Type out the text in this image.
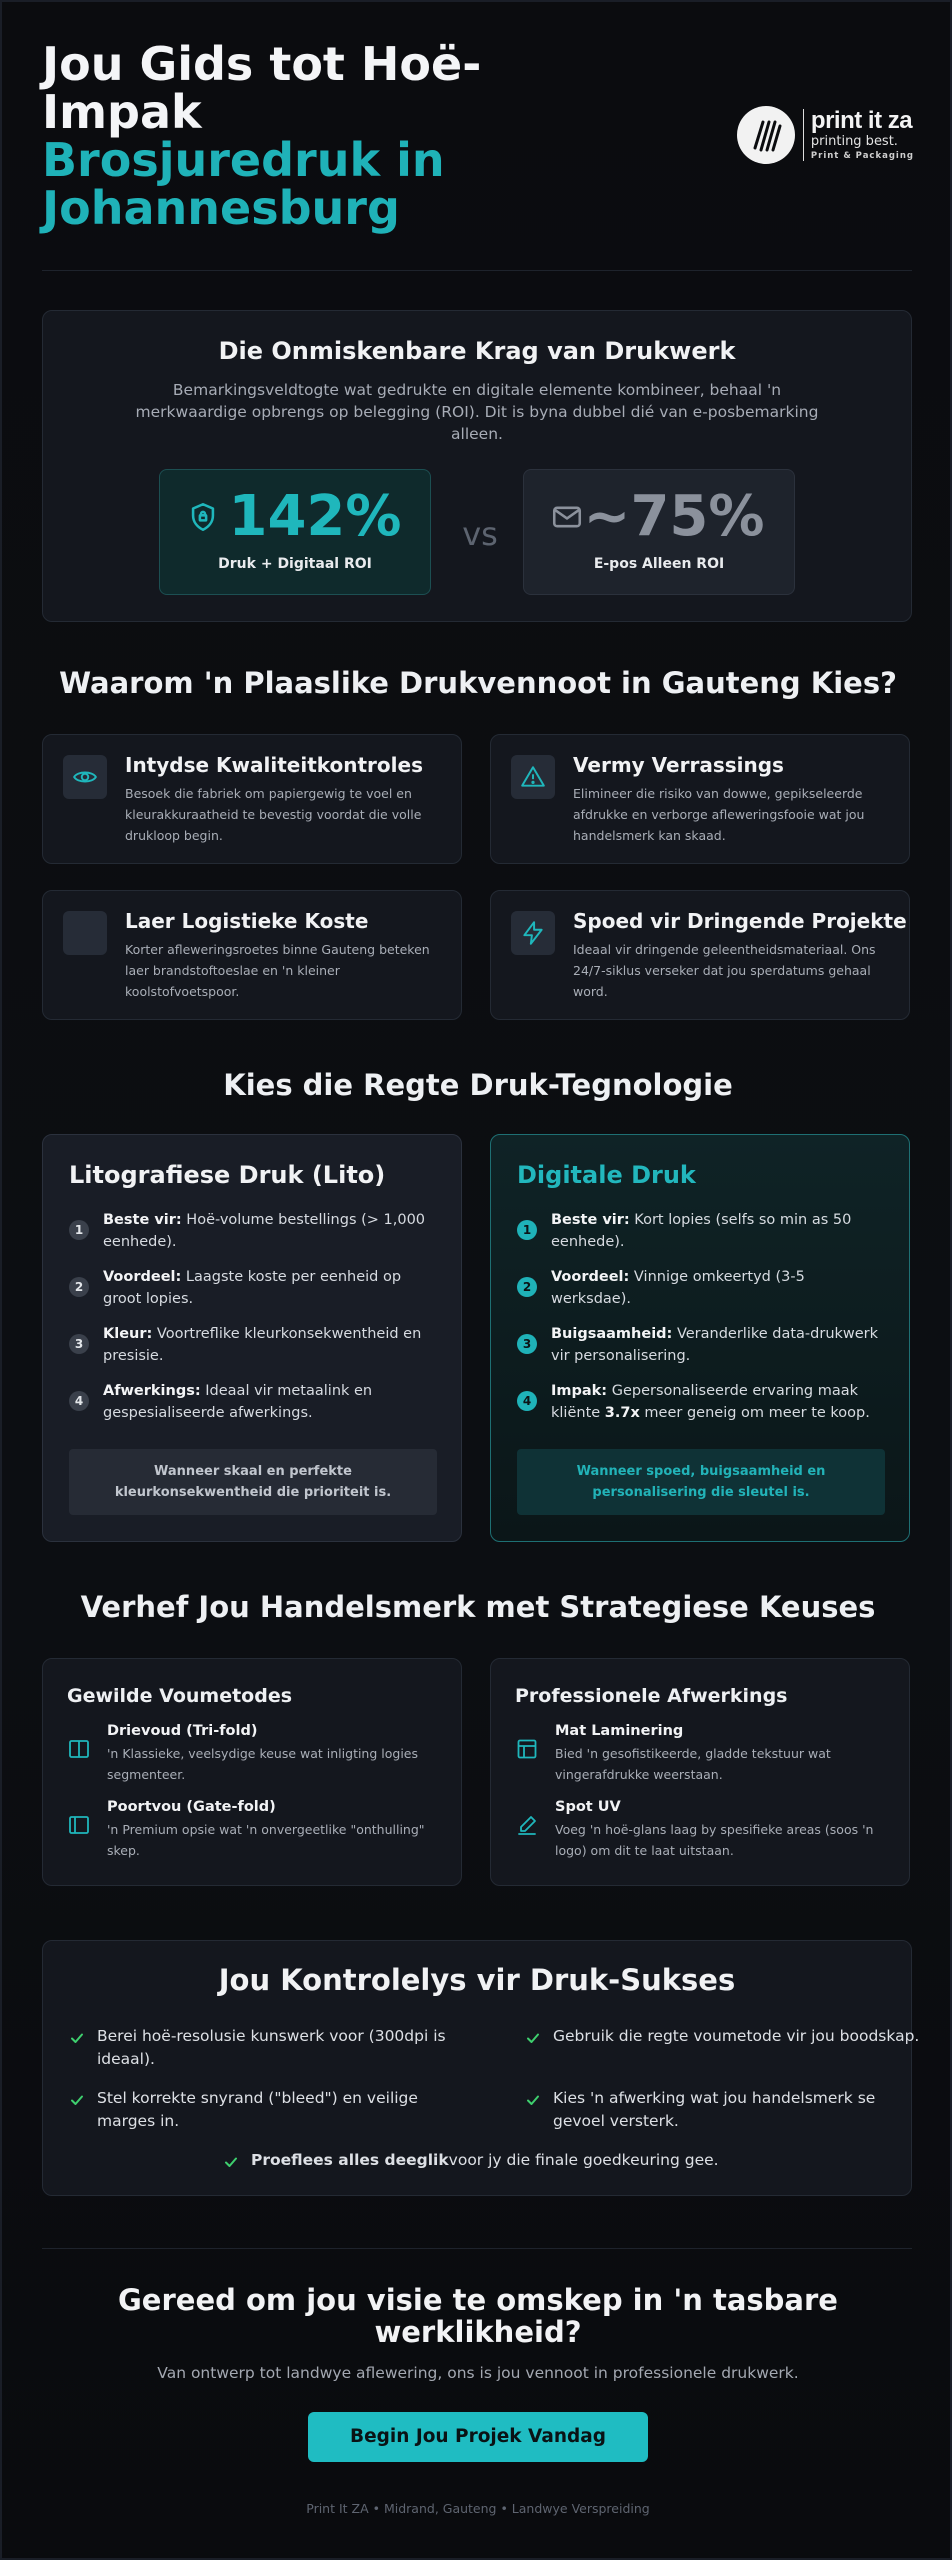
Jou Gids tot Hoë-Impak
Brosjuredruk in Johannesburg
print it za
printing best.
Print & Packaging
Die Onmiskenbare Krag van Drukwerk
Bemarkingsveldtogte wat gedrukte en digitale elemente kombineer, behaal 'n merkwaardige opbrengs op belegging (ROI). Dit is byna dubbel dié van e-posbemarking alleen.
142%
Druk + Digitaal ROI
vs	~75%
E-pos Alleen ROI
Waarom 'n Plaaslike Drukvennoot in Gauteng Kies?
Intydse Kwaliteitkontroles
Besoek die fabriek om papiergewig te voel en kleurakkuraatheid te bevestig voordat die volle drukloop begin.
Vermy Verrassings
Elimineer die risiko van dowwe, gepikseleerde afdrukke en verborge afleweringsfooie wat jou handelsmerk kan skaad.
Laer Logistieke Koste
Korter afleweringsroetes binne Gauteng beteken laer brandstoftoeslae en 'n kleiner koolstofvoetspoor.
Spoed vir Dringende Projekte
Ideaal vir dringende geleentheidsmateriaal. Ons 24/7-siklus verseker dat jou sperdatums gehaal word.
Kies die Regte Druk-Tegnologie
Litografiese Druk (Lito)
1
Beste vir: Hoë-volume bestellings (> 1,000 eenhede).
2
Voordeel: Laagste koste per eenheid op groot lopies.
3
Kleur: Voortreflike kleurkonsekwentheid en presisie.
4
Afwerkings: Ideaal vir metaalink en gespesialiseerde afwerkings.
Wanneer skaal en perfekte kleurkonsekwentheid die prioriteit is.
Digitale Druk
1
Beste vir: Kort lopies (selfs so min as 50 eenhede).
2
Voordeel: Vinnige omkeertyd (3-5 werksdae).
3
Buigsaamheid: Veranderlike data-drukwerk vir personalisering.
4
Impak: Gepersonaliseerde ervaring maak kliënte 3.7x meer geneig om meer te koop.
Wanneer spoed, buigsaamheid en personalisering die sleutel is.
Verhef Jou Handelsmerk met Strategiese Keuses
Gewilde Voumetodes
Drievoud (Tri-fold)
'n Klassieke, veelsydige keuse wat inligting logies segmenteer.
Poortvou (Gate-fold)
'n Premium opsie wat 'n onvergeetlike "onthulling" skep.
Professionele Afwerkings
Mat Laminering
Bied 'n gesofistikeerde, gladde tekstuur wat vingerafdrukke weerstaan.
Spot UV
Voeg 'n hoë-glans laag by spesifieke areas (soos 'n logo) om dit te laat uitstaan.
Jou Kontrolelys vir Druk-Sukses
Berei hoë-resolusie kunswerk voor (300dpi is ideaal).
Gebruik die regte voumetode vir jou boodskap.
Stel korrekte snyrand ("bleed") en veilige marges in.
Kies 'n afwerking wat jou handelsmerk se gevoel versterk.
Proeflees alles deeglikvoor jy die finale goedkeuring gee.
Gereed om jou visie te omskep in 'n tasbare werklikheid?
Van ontwerp tot landwye aflewering, ons is jou vennoot in professionele drukwerk.
Begin Jou Projek Vandag
Print It ZA • Midrand, Gauteng • Landwye Verspreiding
